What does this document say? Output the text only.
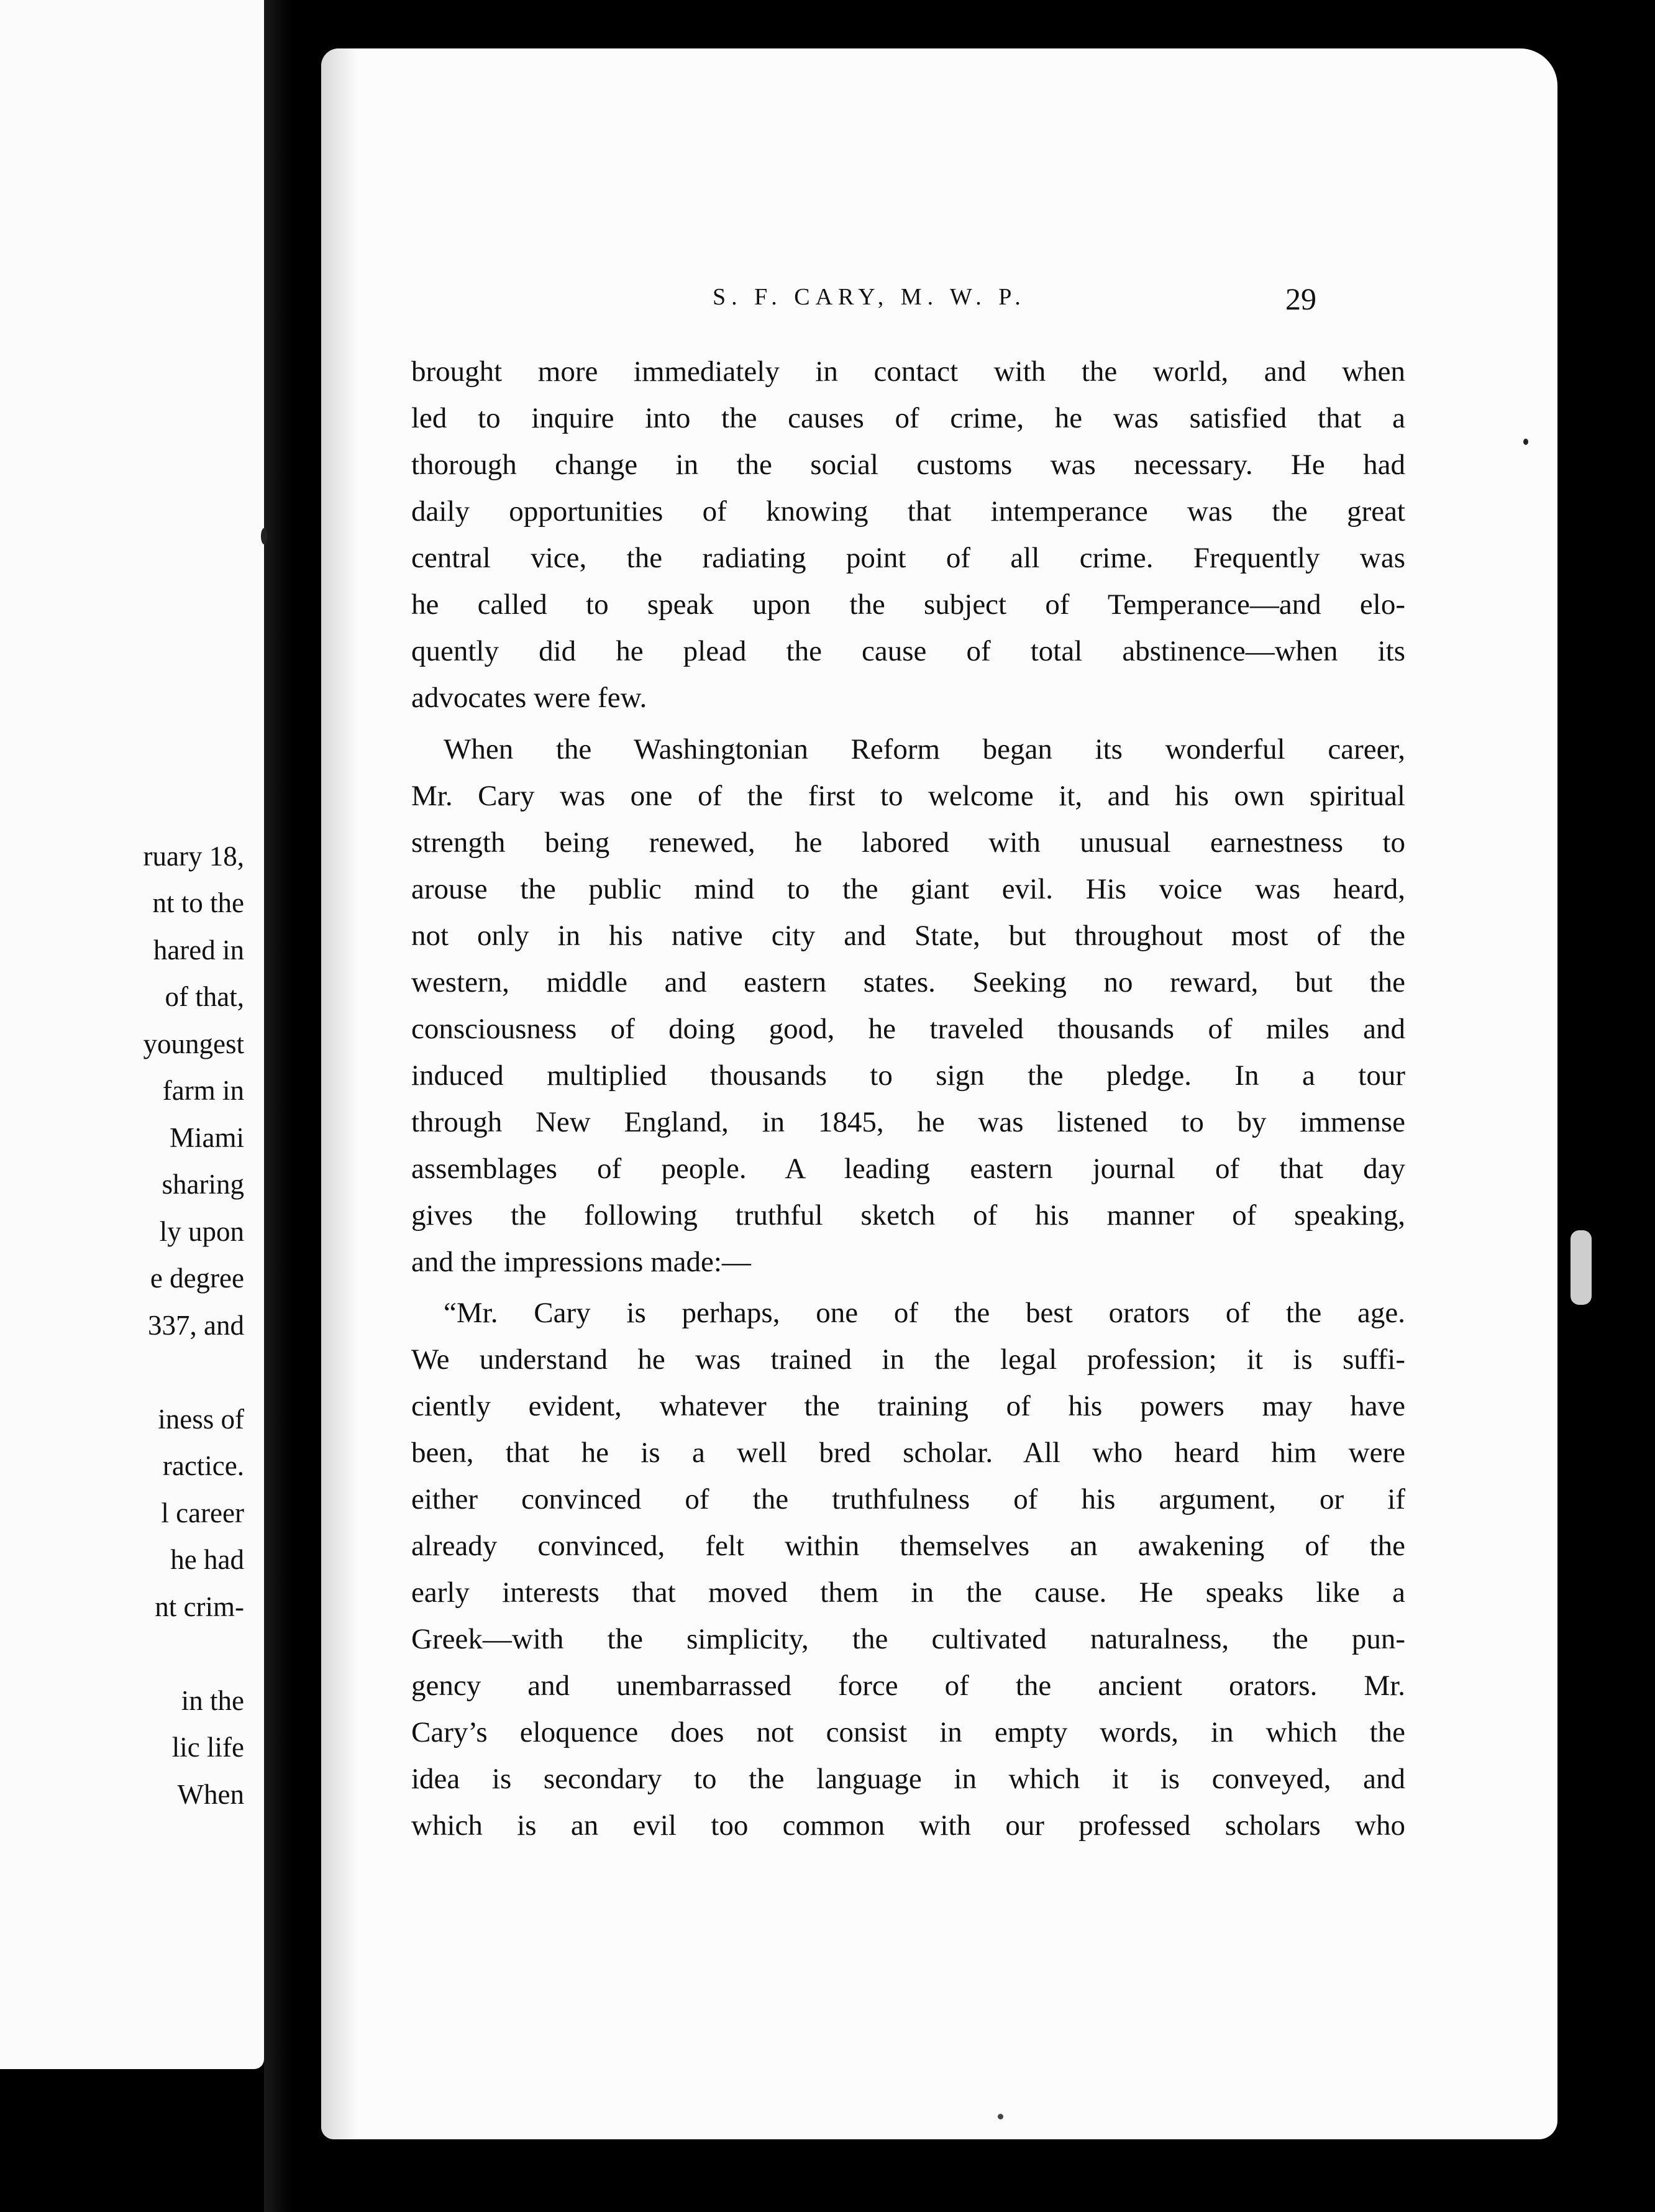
ruary 18,
nt to the
hared in
of that,
youngest
farm in
Miami
sharing
ly upon
e degree
337, and
iness of
ractice.
l career
he had
nt crim-
in the
lic life
When
S. F. CARY, M. W. P.	29
brought more immediately in contact with the world, and when
led to inquire into the causes of crime, he was satisfied that a
thorough change in the social customs was necessary. He had
daily opportunities of knowing that intemperance was the great
central vice, the radiating point of all crime. Frequently was
he called to speak upon the subject of Temperance—and elo-
quently did he plead the cause of total abstinence—when its
advocates were few.
When the Washingtonian Reform began its wonderful career,
Mr. Cary was one of the first to welcome it, and his own spiritual
strength being renewed, he labored with unusual earnestness to
arouse the public mind to the giant evil. His voice was heard,
not only in his native city and State, but throughout most of the
western, middle and eastern states. Seeking no reward, but the
consciousness of doing good, he traveled thousands of miles and
induced multiplied thousands to sign the pledge. In a tour
through New England, in 1845, he was listened to by immense
assemblages of people. A leading eastern journal of that day
gives the following truthful sketch of his manner of speaking,
and the impressions made:—
“Mr. Cary is perhaps, one of the best orators of the age.
We understand he was trained in the legal profession; it is suffi-
ciently evident, whatever the training of his powers may have
been, that he is a well bred scholar. All who heard him were
either convinced of the truthfulness of his argument, or if
already convinced, felt within themselves an awakening of the
early interests that moved them in the cause. He speaks like a
Greek—with the simplicity, the cultivated naturalness, the pun-
gency and unembarrassed force of the ancient orators. Mr.
Cary’s eloquence does not consist in empty words, in which the
idea is secondary to the language in which it is conveyed, and
which is an evil too common with our professed scholars who
